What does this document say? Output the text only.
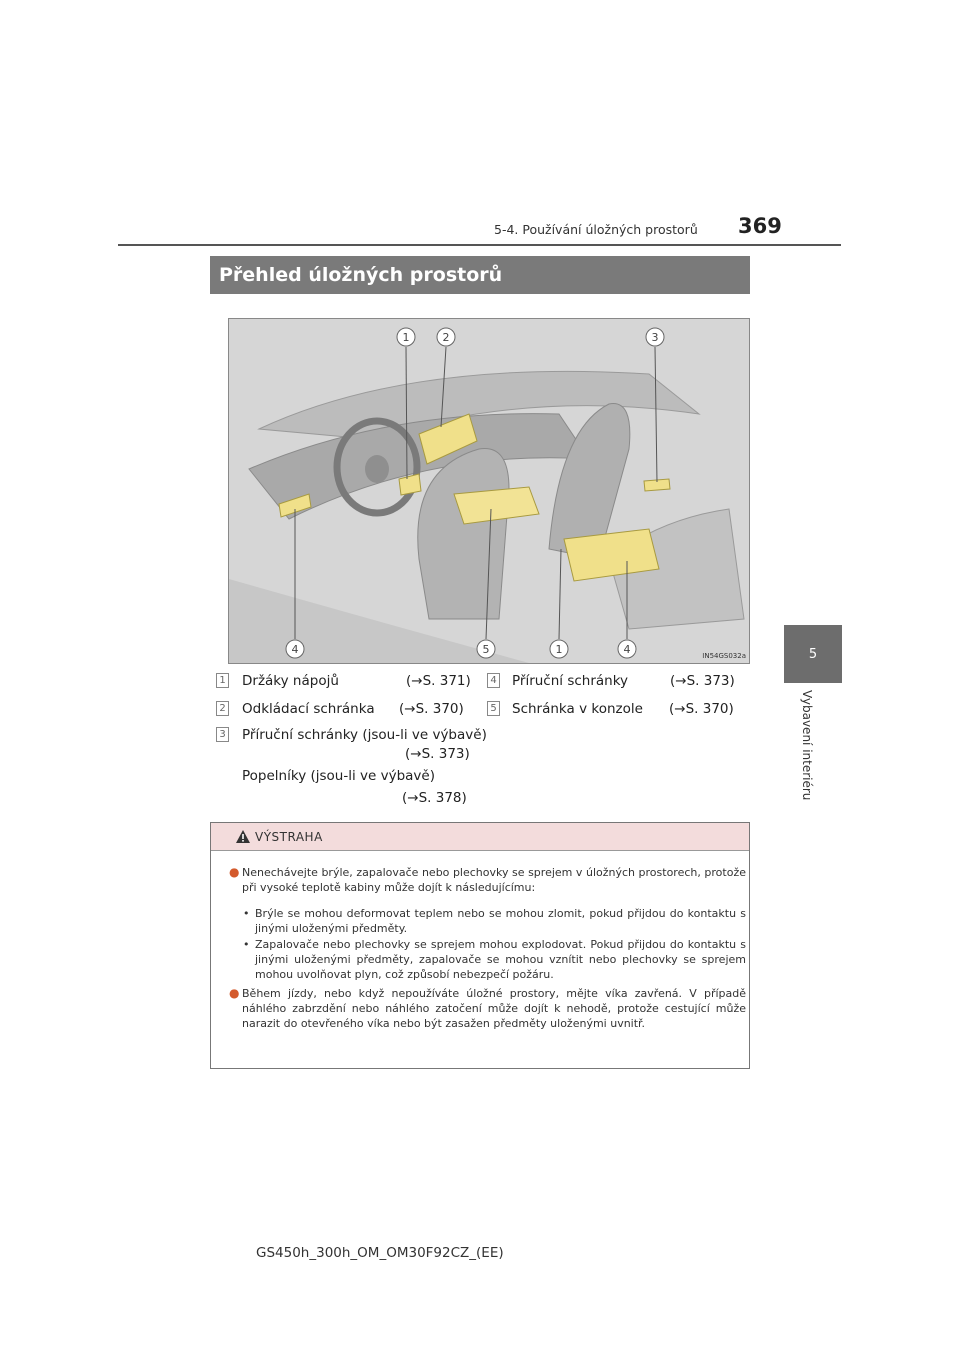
5-4. Používání úložných prostorů 369
5
Vybavení interiéru
Přehled úložných prostorů
1	2	3
4	5	1	4	IN54GS032a
1 Držáky nápojů	(→S. 371)
2 Odkládací schránka (→S. 370)
3 Příruční schránky (jsou-li ve výbavě)
(→S. 373)
Popelníky (jsou-li ve výbavě)
(→S. 378)
4 Příruční schránky	(→S. 373)
5 Schránka v konzole (→S. 370)
VÝSTRAHA
● Nenechávejte brýle, zapalovače nebo plechovky se sprejem v úložných prostorech, protože při vysoké teplotě kabiny může dojít k následujícímu:
• Brýle se mohou deformovat teplem nebo se mohou zlomit, pokud přijdou do kontaktu s jinými uloženými předměty.
• Zapalovače nebo plechovky se sprejem mohou explodovat. Pokud přijdou do kontaktu s jinými uloženými předměty, zapalovače se mohou vznítit nebo plechovky se sprejem mohou uvolňovat plyn, což způsobí nebezpečí požáru.
● Během jízdy, nebo když nepoužíváte úložné prostory, mějte víka zavřená. V případě náhlého zabrzdění nebo náhlého zatočení může dojít k nehodě, protože cestující může narazit do otevřeného víka nebo být zasažen předměty uloženými uvnitř.
GS450h_300h_OM_OM30F92CZ_(EE)
